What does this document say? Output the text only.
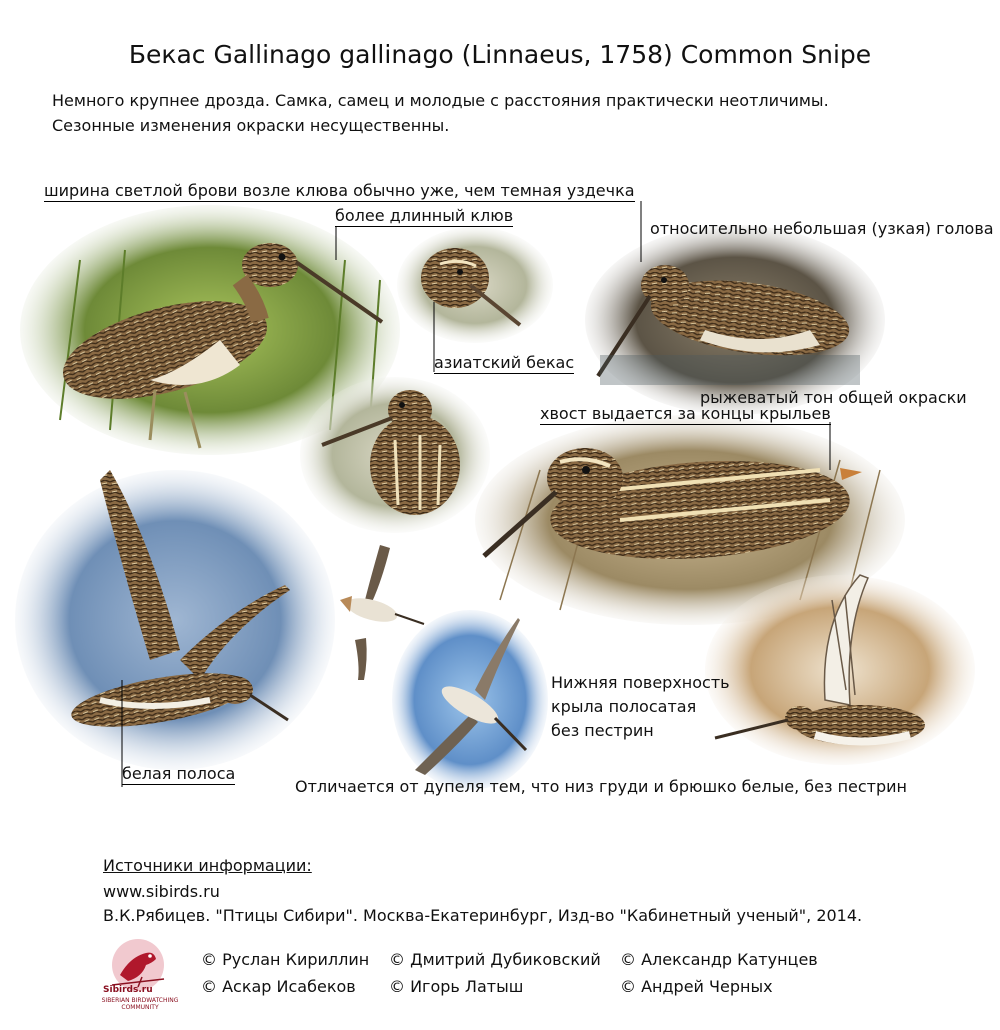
Бекас Gallinago gallinago (Linnaeus, 1758) Common Snipe
Немного крупнее дрозда. Самка, самец и молодые с расстояния практически неотличимы.
Сезонные изменения окраски несущественны.
ширина светлой брови возле клюва обычно уже, чем темная уздечка
более длинный клюв
относительно небольшая (узкая) голова
азиатский бекас
рыжеватый тон общей окраски
хвост выдается за концы крыльев
Нижняя поверхность
крыла полосатая
без пестрин
белая полоса
Отличается от дупеля тем, что низ груди и брюшко белые, без пестрин
Источники информации:
www.sibirds.ru
В.К.Рябицев. "Птицы Сибири". Москва-Екатеринбург, Изд-во "Кабинетный ученый", 2014.
Sibirds.ru
SIBERIAN BIRDWATCHING COMMUNITY
© Руслан Кириллин © Дмитрий Дубиковский © Александр Катунцев
© Аскар Исабеков © Игорь Латыш	© Андрей Черных
